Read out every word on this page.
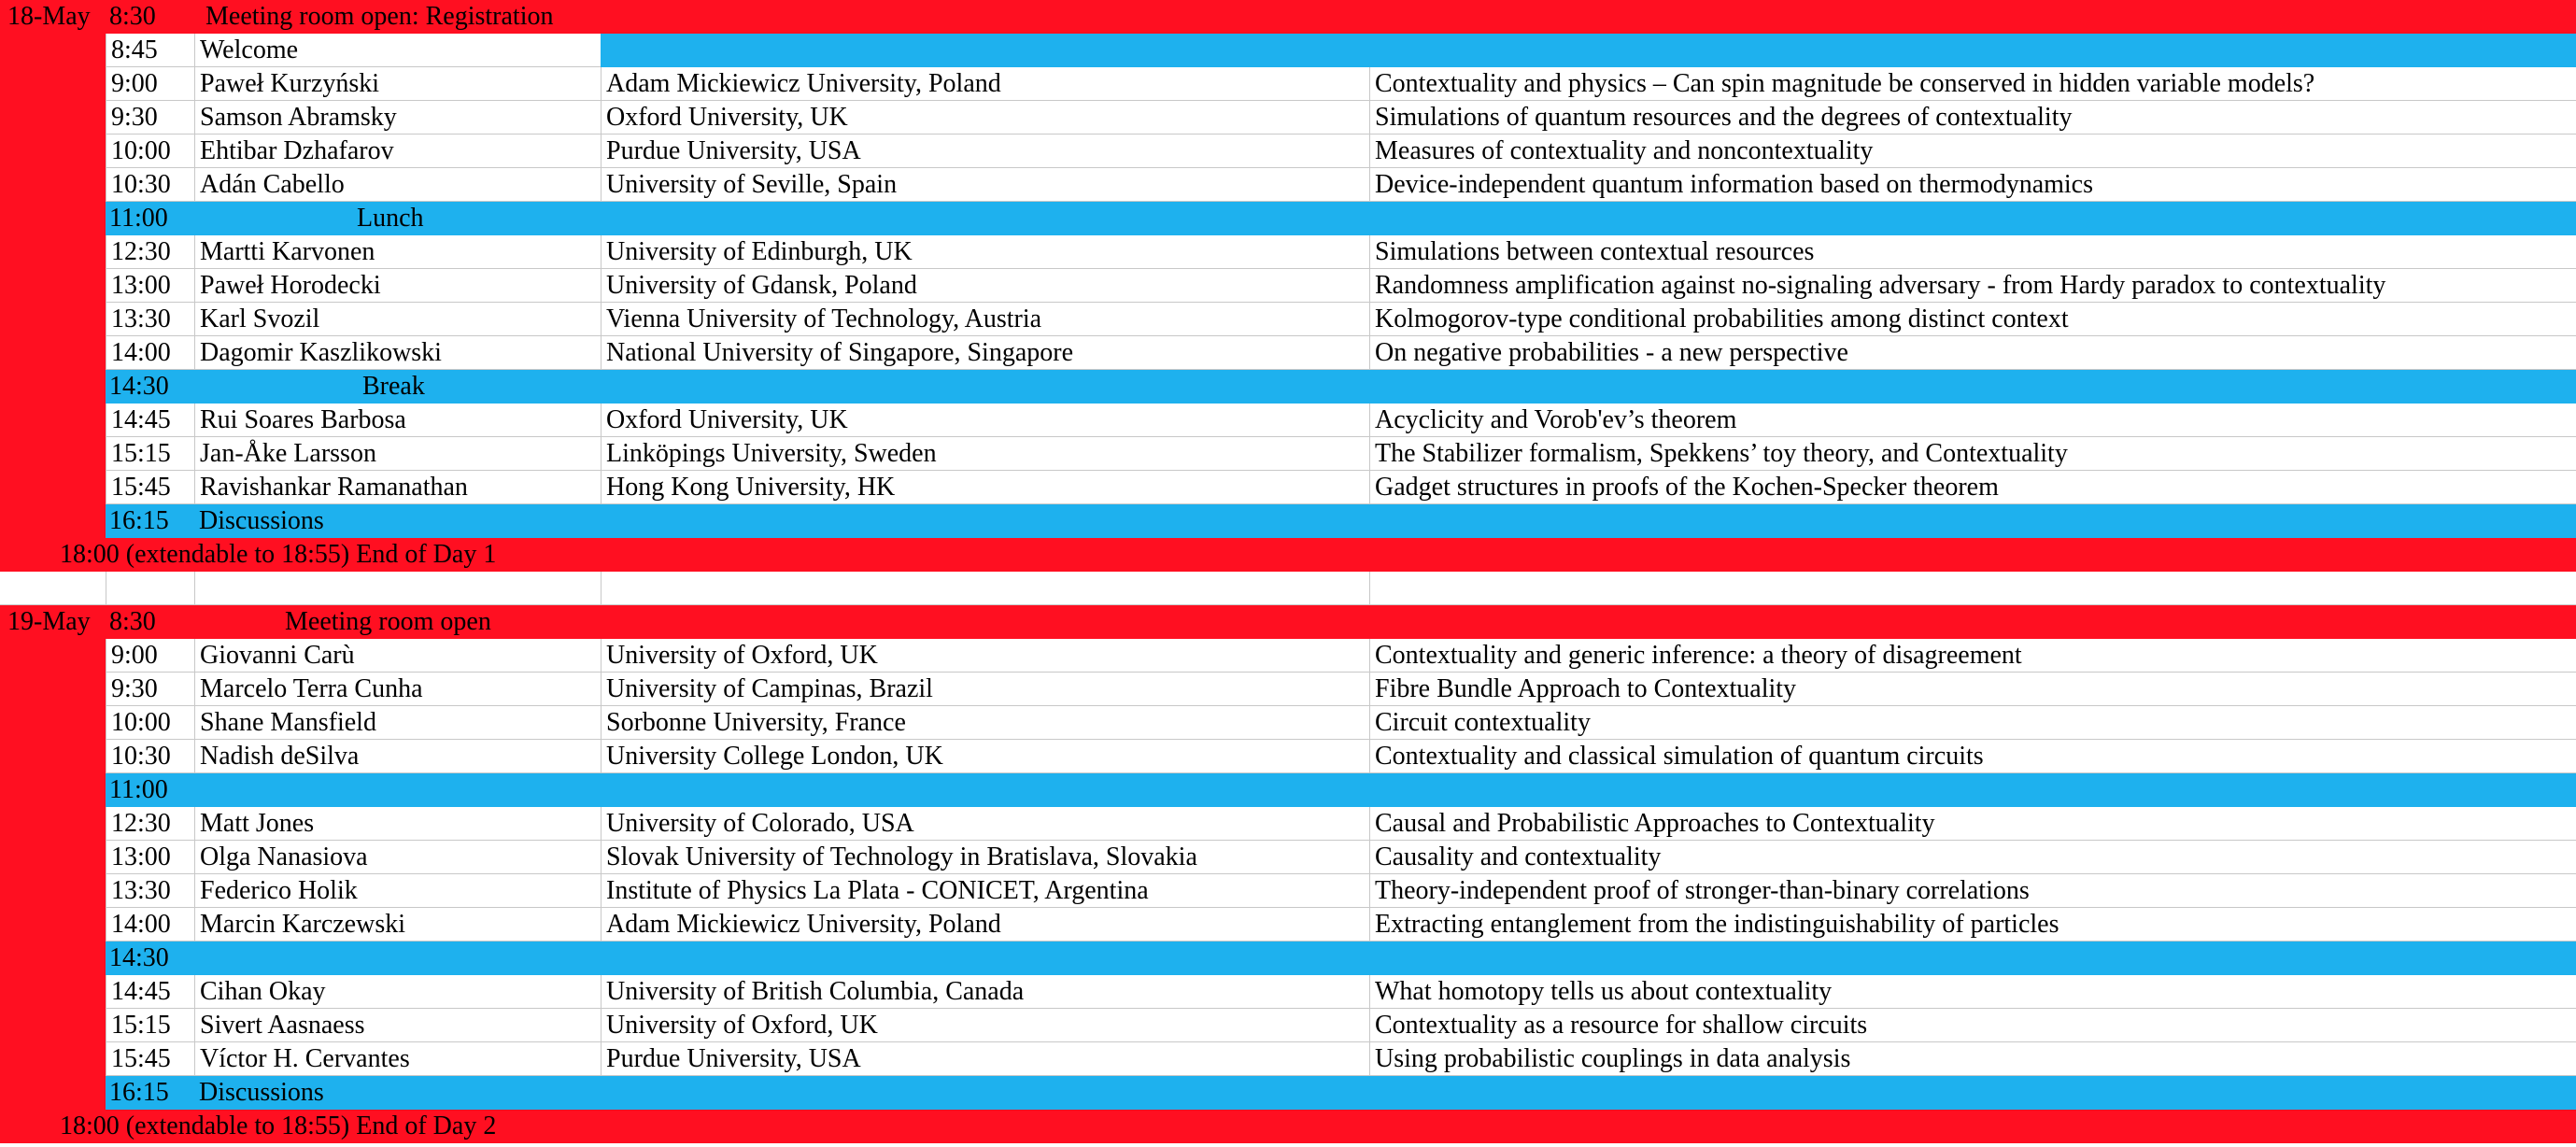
18-May 8:30 Meeting room open: Registration
8:45	Welcome
9:00	Paweł Kurzyński	Adam Mickiewicz University, Poland	Contextuality and physics – Can spin magnitude be conserved in hidden variable models?
9:30	Samson Abramsky	Oxford University, UK	Simulations of quantum resources and the degrees of contextuality
10:00	Ehtibar Dzhafarov	Purdue University, USA	Measures of contextuality and noncontextuality
10:30	Adán Cabello	University of Seville, Spain	Device-independent quantum information based on thermodynamics
11:00	Lunch
12:30	Martti Karvonen	University of Edinburgh, UK	Simulations between contextual resources
13:00	Paweł Horodecki	University of Gdansk, Poland	Randomness amplification against no-signaling adversary - from Hardy paradox to contextuality
13:30	Karl Svozil	Vienna University of Technology, Austria	Kolmogorov-type conditional probabilities among distinct context
14:00	Dagomir Kaszlikowski	National University of Singapore, Singapore	On negative probabilities - a new perspective
14:30	Break
14:45	Rui Soares Barbosa	Oxford University, UK	Acyclicity and Vorob'ev’s theorem
15:15	Jan-Åke Larsson	Linköpings University, Sweden	The Stabilizer formalism, Spekkens’ toy theory, and Contextuality
15:45	Ravishankar Ramanathan	Hong Kong University, HK	Gadget structures in proofs of the Kochen-Specker theorem
16:15 Discussions
18:00 (extendable to 18:55) End of Day 1
19-May 8:30	Meeting room open
9:00	Giovanni Carù	University of Oxford, UK	Contextuality and generic inference: a theory of disagreement
9:30	Marcelo Terra Cunha	University of Campinas, Brazil	Fibre Bundle Approach to Contextuality
10:00	Shane Mansfield	Sorbonne University, France	Circuit contextuality
10:30	Nadish deSilva	University College London, UK	Contextuality and classical simulation of quantum circuits
11:00
12:30	Matt Jones	University of Colorado, USA	Causal and Probabilistic Approaches to Contextuality
13:00	Olga Nanasiova	Slovak University of Technology in Bratislava, Slovakia	Causality and contextuality
13:30	Federico Holik	Institute of Physics La Plata - CONICET, Argentina	Theory-independent proof of stronger-than-binary correlations
14:00	Marcin Karczewski	Adam Mickiewicz University, Poland	Extracting entanglement from the indistinguishability of particles
14:30
14:45	Cihan Okay	University of British Columbia, Canada	What homotopy tells us about contextuality
15:15	Sivert Aasnaess	University of Oxford, UK	Contextuality as a resource for shallow circuits
15:45	Víctor H. Cervantes	Purdue University, USA	Using probabilistic couplings in data analysis
16:15 Discussions
18:00 (extendable to 18:55) End of Day 2
